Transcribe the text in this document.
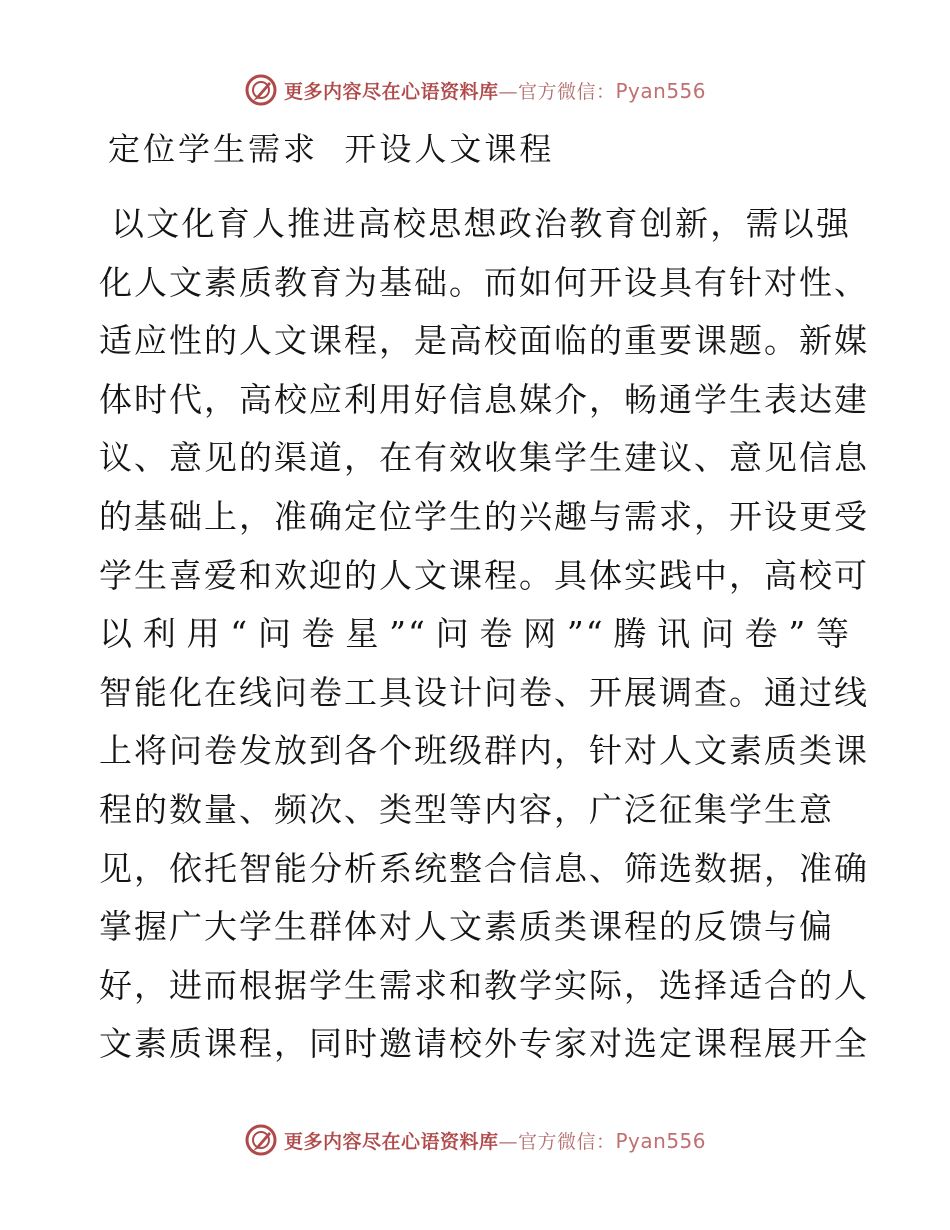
更多内容尽在心语资料库—官方微信：Pyan556
定位学生需求  开设人文课程
以文化育人推进高校思想政治教育创新，需以强
化人文素质教育为基础。而如何开设具有针对性、
适应性的人文课程，是高校面临的重要课题。新媒
体时代，高校应利用好信息媒介，畅通学生表达建
议、意见的渠道，在有效收集学生建议、意见信息
的基础上，准确定位学生的兴趣与需求，开设更受
学生喜爱和欢迎的人文课程。具体实践中，高校可
以利用“问卷星”“问卷网”“腾讯问卷”等
智能化在线问卷工具设计问卷、开展调查。通过线
上将问卷发放到各个班级群内，针对人文素质类课
程的数量、频次、类型等内容，广泛征集学生意
见，依托智能分析系统整合信息、筛选数据，准确
掌握广大学生群体对人文素质类课程的反馈与偏
好，进而根据学生需求和教学实际，选择适合的人
文素质课程，同时邀请校外专家对选定课程展开全
更多内容尽在心语资料库—官方微信：Pyan556
